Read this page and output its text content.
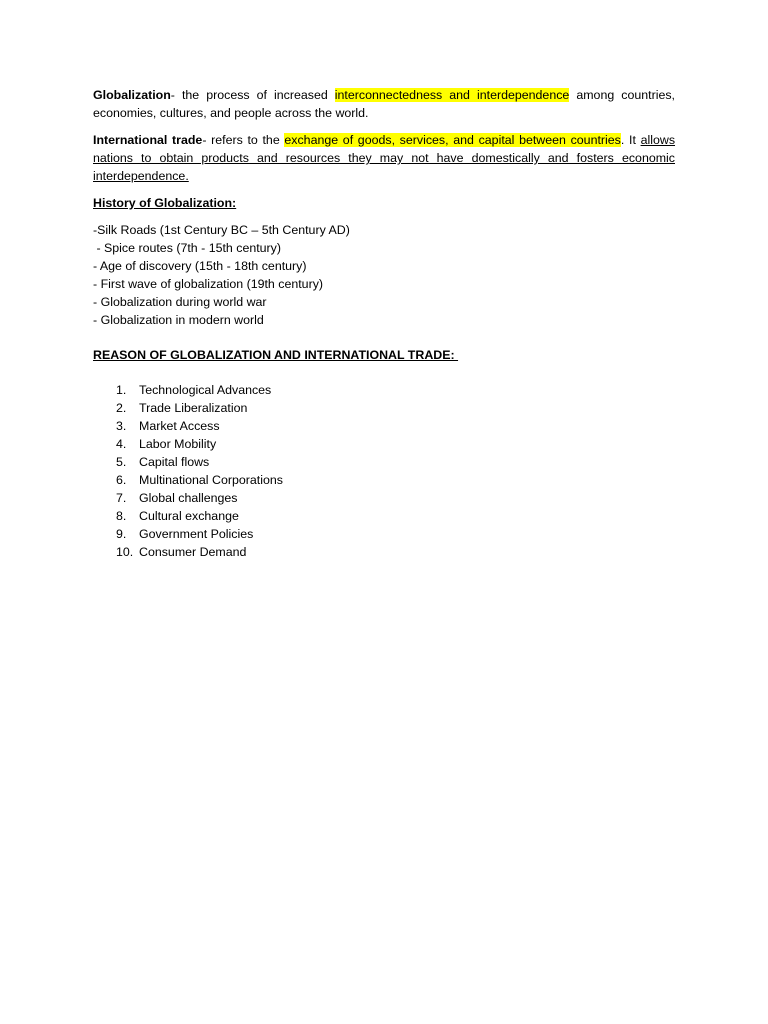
Globalization- the process of increased interconnectedness and interdependence among countries, economies, cultures, and people across the world.

International trade- refers to the exchange of goods, services, and capital between countries. It allows nations to obtain products and resources they may not have domestically and fosters economic interdependence.

History of Globalization:
-Silk Roads (1st Century BC – 5th Century AD)
- Spice routes (7th - 15th century)
- Age of discovery (15th - 18th century)
- First wave of globalization (19th century)
- Globalization during world war
- Globalization in modern world
REASON OF GLOBALIZATION AND INTERNATIONAL TRADE:
1.	Technological Advances
2.	Trade Liberalization
3.	Market Access
4.	Labor Mobility
5.	Capital flows
6.	Multinational Corporations
7.	Global challenges
8.	Cultural exchange
9.	Government Policies
10. Consumer Demand
